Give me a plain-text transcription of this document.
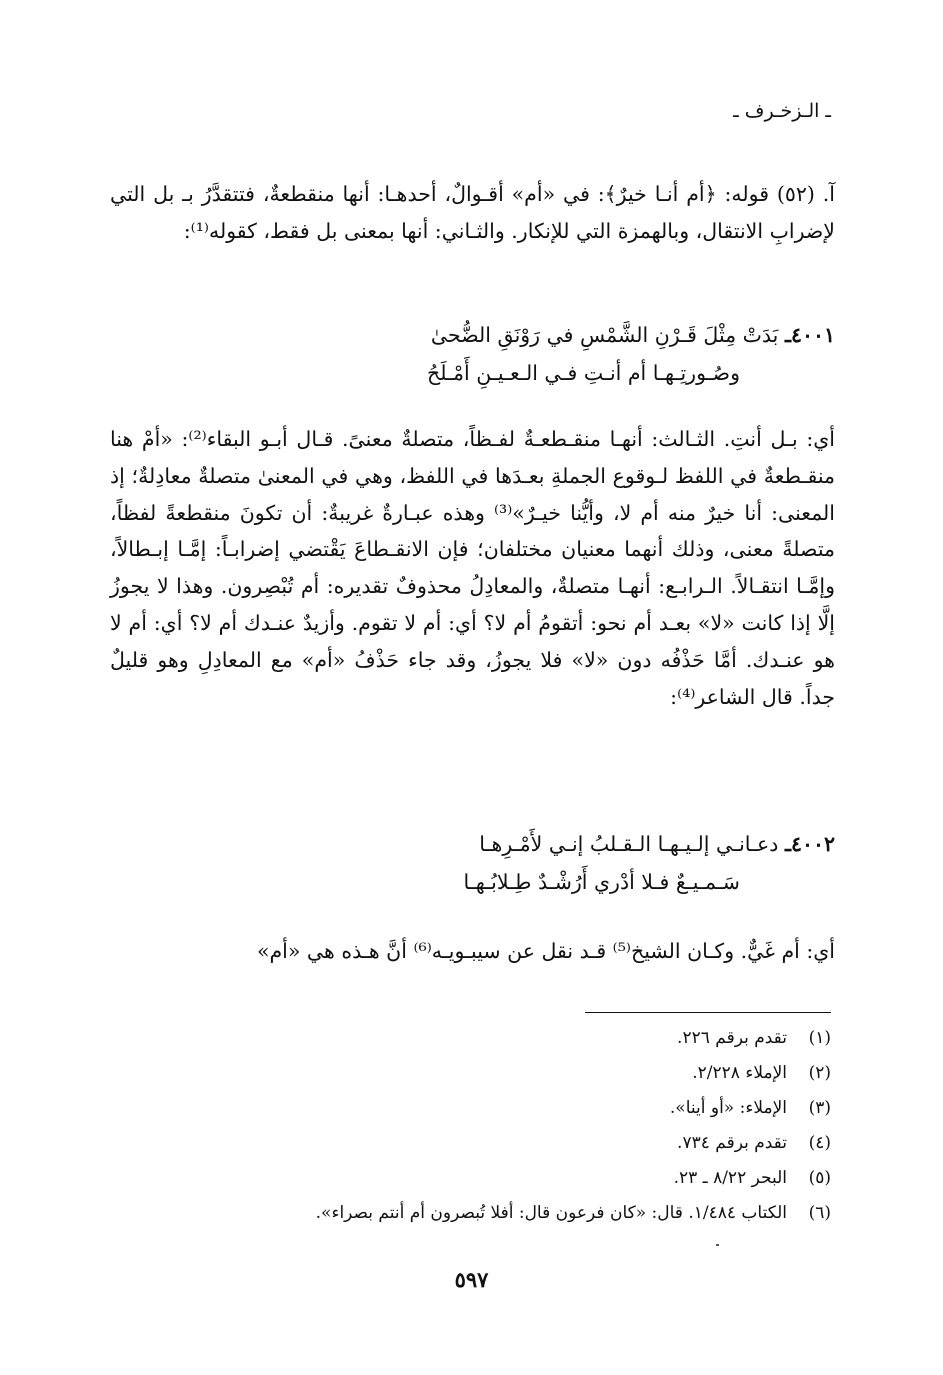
ـ الـزخـرف ـ

آ. (٥٢) قوله: ﴿أم أنـا خيرٌ﴾: في «أم» أقـوالٌ، أحدهـا: أنها منقطعةٌ، فتتقدَّرُ بـ بل التي لإضرابِ الانتقال، وبالهمزة التي للإنكار. والثـاني: أنها بمعنى بل فقط، كقوله⁽¹⁾:

٤٠٠١ـ بَدَتْ مِثْلَ قَـرْنِ الشَّمْسِ في رَوْنَقِ الضُّحىٰ
وصُـورتِـهـا أم أنـتِ فـي الـعـيـنِ أَمْـلَحُ

أي: بـل أنتِ. الثـالث: أنهـا منقـطعـةٌ لفـظاً، متصلةٌ معنىً. قـال أبـو البقاء⁽²⁾: «أمْ هنا منقـطعةٌ في اللفظ لـوقوع الجملةِ بعـدَها في اللفظ، وهي في المعنىٰ متصلةٌ معادِلةٌ؛ إذ المعنى: أنا خيرٌ منه أم لا، وأيُّنا خيـرٌ»⁽³⁾ وهذه عبـارةٌ غريبةٌ: أن تكونَ منقطعةً لفظاً، متصلةً معنى، وذلك أنهما معنيان مختلفان؛ فإن الانقـطاعَ يَقْتضي إضرابـاً: إمَّـا إبـطالاً، وإمَّـا انتقـالاً. الـرابـع: أنهـا متصلةٌ، والمعادِلُ محذوفٌ تقديره: أم تُبْصِرون. وهذا لا يجوزُ إلَّا إذا كانت «لا» بعـد أم نحو: أتقومُ أم لا؟ أي: أم لا تقوم. وأزيدٌ عنـدك أم لا؟ أي: أم لا هو عنـدك. أمَّا حَذْفُه دون «لا» فلا يجوزُ، وقد جاء حَذْفُ «أم» مع المعادِلِ وهو قليلٌ جداً. قال الشاعر⁽⁴⁾:

٤٠٠٢ـ دعـانـي إلـيـهـا الـقـلبُ إنـي لأَمْـرِهـا
سَـمـيـعٌ فـلا أدْري أَرُشْـدٌ طِـلابُـهـا

أي: أم غَيٌّ. وكـان الشيخ⁽⁵⁾ قـد نقل عن سيبـويـه⁽⁶⁾ أنَّ هـذه هي «أم»

(١)تقدم برقم ٢٢٦.
(٢)الإملاء ٢/٢٢٨.
(٣)الإملاء: «أو أينا».
(٤)تقدم برقم ٧٣٤.
(٥)البحر ٨/٢٢ ـ ٢٣.
(٦)الكتاب ١/٤٨٤. قال: «كان فرعون قال: أفلا تُبصرون أم أنتم بصراء».
٥٩٧
